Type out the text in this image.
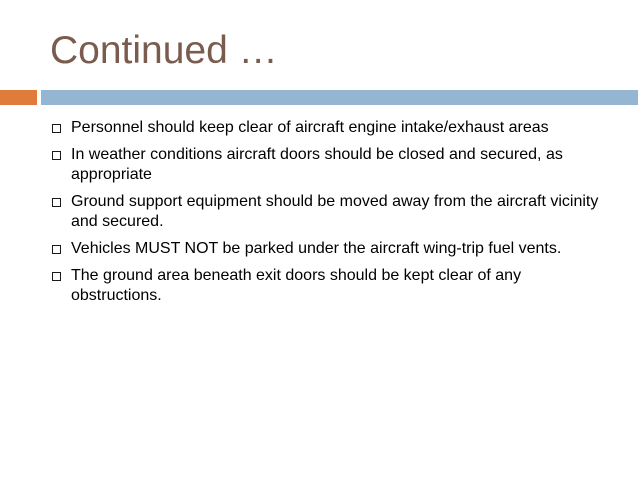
Continued …
Personnel should keep clear of aircraft engine intake/exhaust areas
In weather conditions aircraft doors should be closed and secured, as appropriate
Ground support equipment should be moved away from the aircraft vicinity and secured.
Vehicles MUST NOT be parked under the aircraft wing-trip fuel vents.
The ground area beneath exit doors should be kept clear of any obstructions.
